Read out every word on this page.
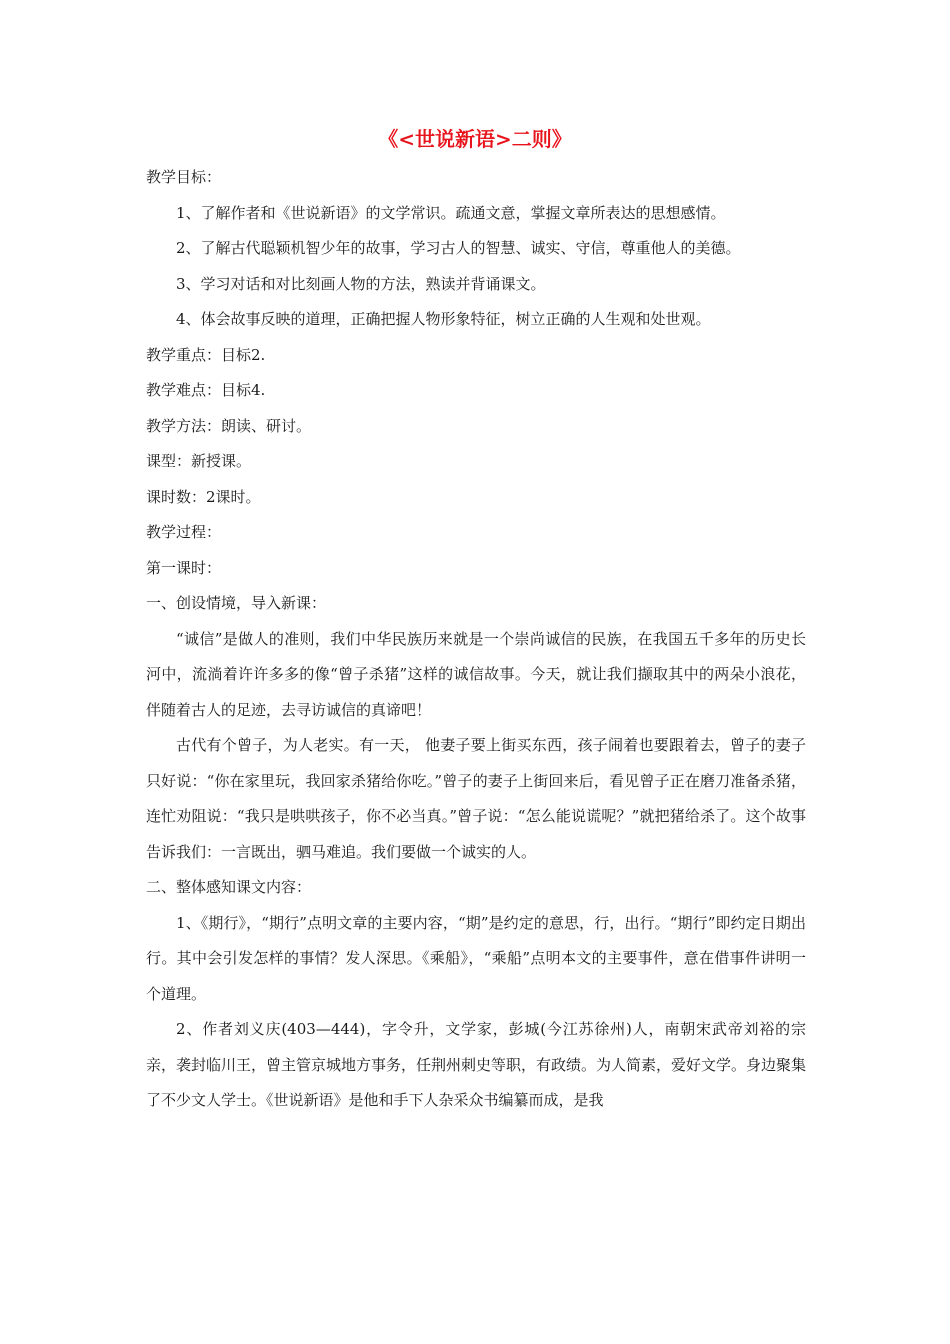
《<世说新语>二则》

教学目标：

1、了解作者和《世说新语》的文学常识。疏通文意，掌握文章所表达的思想感情。

2、了解古代聪颖机智少年的故事，学习古人的智慧、诚实、守信，尊重他人的美德。

3、学习对话和对比刻画人物的方法，熟读并背诵课文。

4、体会故事反映的道理，正确把握人物形象特征，树立正确的人生观和处世观。

教学重点：目标2.

教学难点：目标4.

教学方法：朗读、研讨。

课型：新授课。

课时数：2课时。

教学过程：

第一课时：

一、创设情境，导入新课：

“诚信”是做人的准则，我们中华民族历来就是一个崇尚诚信的民族，在我国五千多年的历史长河中，流淌着许许多多的像“曾子杀猪”这样的诚信故事。今天，就让我们撷取其中的两朵小浪花，伴随着古人的足迹，去寻访诚信的真谛吧！

古代有个曾子，为人老实。有一天， 他妻子要上街买东西，孩子闹着也要跟着去，曾子的妻子只好说：“你在家里玩，我回家杀猪给你吃。”曾子的妻子上街回来后，看见曾子正在磨刀准备杀猪，连忙劝阻说：“我只是哄哄孩子，你不必当真。”曾子说：“怎么能说谎呢？”就把猪给杀了。这个故事告诉我们：一言既出，驷马难追。我们要做一个诚实的人。

二、整体感知课文内容：

1、《期行》，“期行”点明文章的主要内容，“期”是约定的意思，行，出行。“期行”即约定日期出行。其中会引发怎样的事情？发人深思。《乘船》，“乘船”点明本文的主要事件，意在借事件讲明一个道理。

2、作者刘义庆(403—444)，字令升，文学家，彭城(今江苏徐州)人，南朝宋武帝刘裕的宗亲，袭封临川王，曾主管京城地方事务，任荆州刺史等职，有政绩。为人简素，爱好文学。身边聚集了不少文人学士。《世说新语》是他和手下人杂采众书编纂而成，是我
